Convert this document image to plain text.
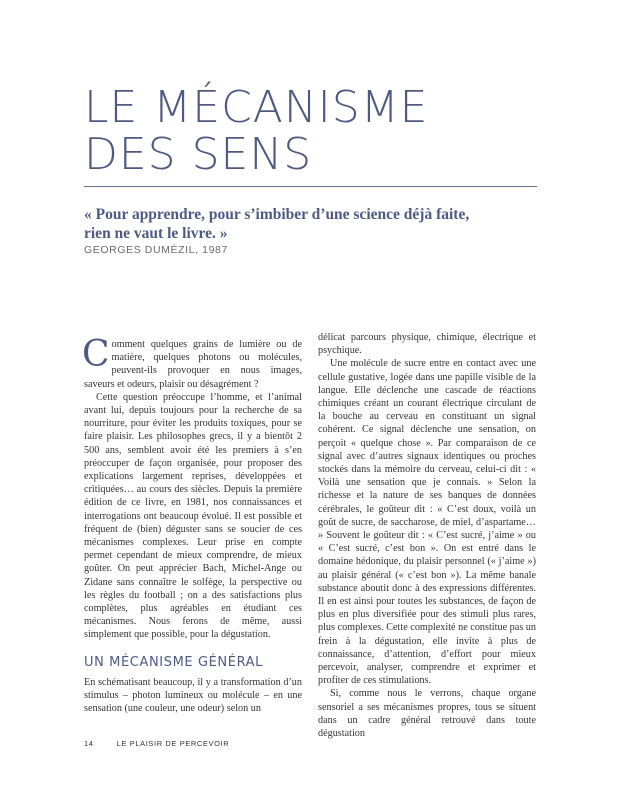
LE MÉCANISME
DES SENS
« Pour apprendre, pour s’imbiber d’une science déjà faite,
rien ne vaut le livre. »
GEORGES DUMÉZIL, 1987

Comment quelques grains de lumière ou de matière, quelques photons ou molécules, peuvent-ils provoquer en nous images, saveurs et odeurs, plaisir ou désagrément ?

Cette question préoccupe l’homme, et l’animal avant lui, depuis toujours pour la recherche de sa nourriture, pour éviter les produits toxiques, pour se faire plaisir. Les philosophes grecs, il y a bientôt 2 500 ans, semblent avoir été les premiers à s’en préoccuper de façon organisée, pour proposer des explications largement reprises, développées et critiquées… au cours des siècles. Depuis la première édition de ce livre, en 1981, nos connaissances et interrogations ont beaucoup évolué. Il est possible et fréquent de (bien) déguster sans se soucier de ces mécanismes complexes. Leur prise en compte permet cependant de mieux comprendre, de mieux goûter. On peut apprécier Bach, Michel-Ange ou Zidane sans connaître le solfège, la perspective ou les règles du football ; on a des satisfactions plus complètes, plus agréables en étudiant ces mécanismes. Nous ferons de même, aussi simplement que possible, pour la dégustation.

UN MÉCANISME GÉNÉRAL

En schématisant beaucoup, il y a transformation d’un stimulus – photon lumineux ou molécule – en une sensation (une couleur, une odeur) selon un

délicat parcours physique, chimique, électrique et psychique.

Une molécule de sucre entre en contact avec une cellule gustative, logée dans une papille visible de la langue. Elle déclenche une cascade de réactions chimiques créant un courant électrique circulant de la bouche au cerveau en constituant un signal cohérent. Ce signal déclenche une sensation, on perçoit « quelque chose ». Par comparaison de ce signal avec d’autres signaux identiques ou proches stockés dans la mémoire du cerveau, celui-ci dit : « Voilà une sensation que je connais. » Selon la richesse et la nature de ses banques de données cérébrales, le goûteur dit : « C’est doux, voilà un goût de sucre, de saccharose, de miel, d’aspartame… » Souvent le goûteur dit : « C’est sucré, j’aime » ou « C’est sucré, c’est bon ». On est entré dans le domaine hédonique, du plaisir personnel (« j’aime ») au plaisir général (« c’est bon »). La même banale substance aboutit donc à des expressions différentes. Il en est ainsi pour toutes les substances, de façon de plus en plus diversifiée pour des stimuli plus rares, plus complexes. Cette complexité ne constitue pas un frein à la dégustation, elle invite à plus de connaissance, d’attention, d’effort pour mieux percevoir, analyser, comprendre et exprimer et profiter de ces stimulations.

Si, comme nous le verrons, chaque organe sensoriel a ses mécanismes propres, tous se situent dans un cadre général retrouvé dans toute dégustation

14	LE PLAISIR DE PERCEVOIR
